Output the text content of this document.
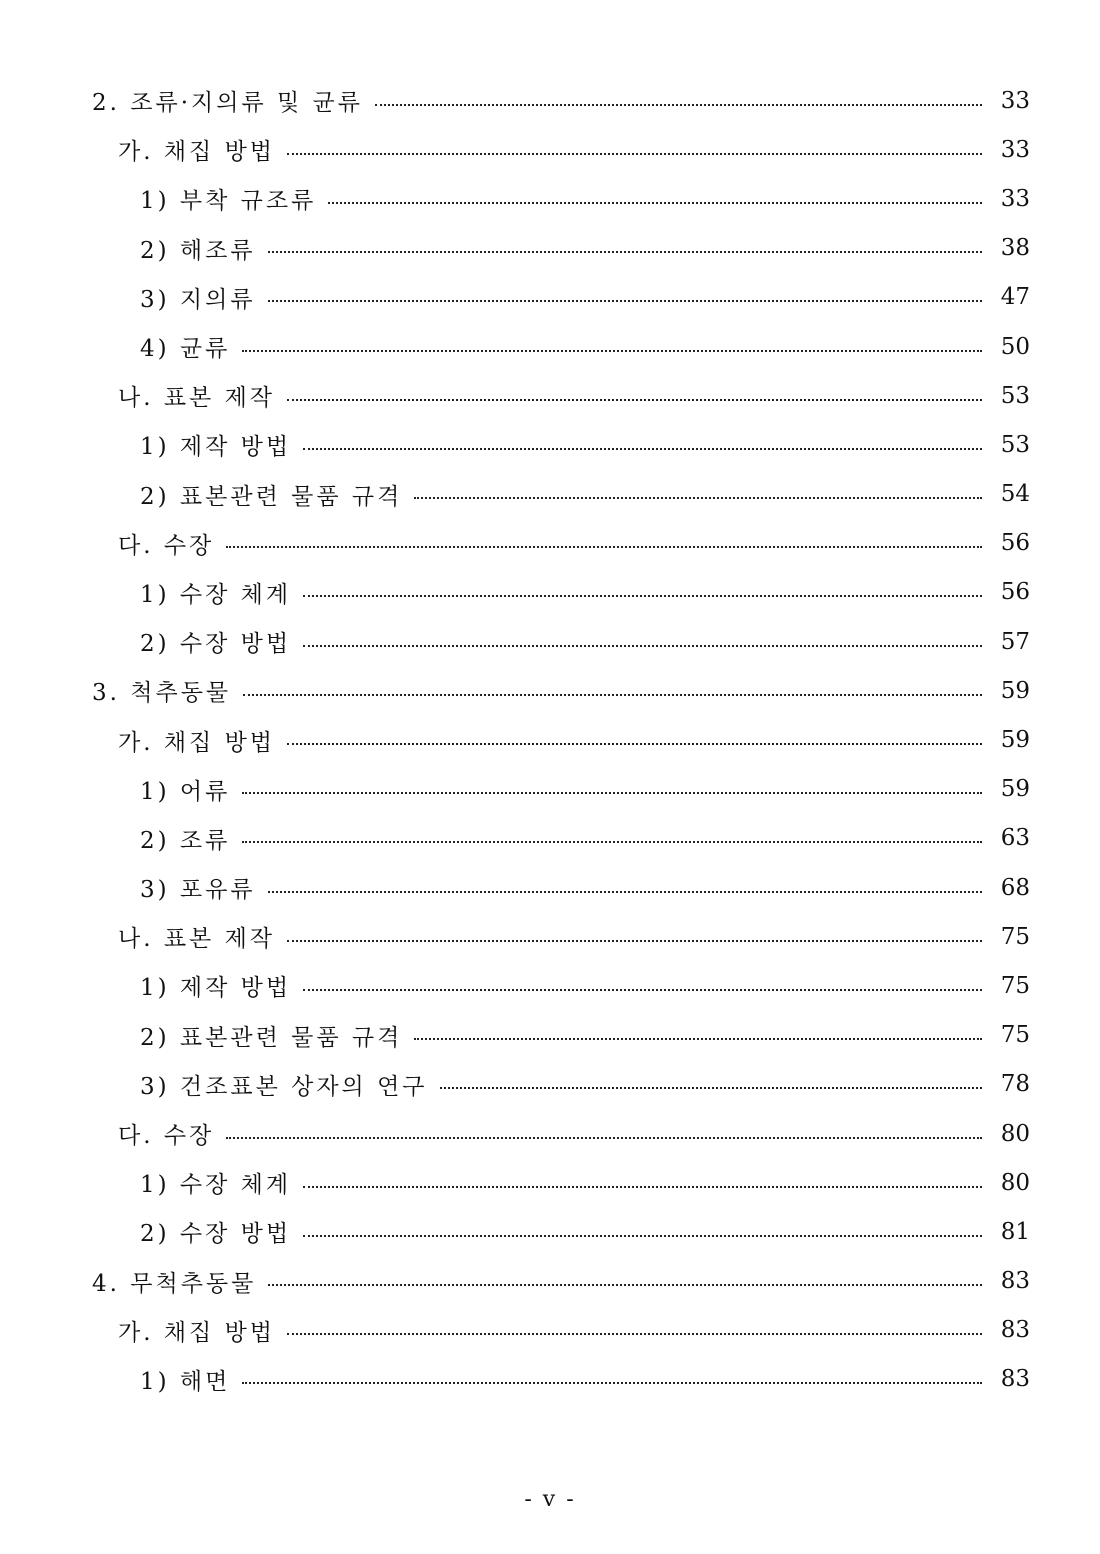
2. 조류·지의류 및 균류	33
가. 채집 방법	33
1) 부착 규조류	33
2) 해조류	38
3) 지의류	47
4) 균류	50
나. 표본 제작	53
1) 제작 방법	53
2) 표본관련 물품 규격	54
다. 수장	56
1) 수장 체계	56
2) 수장 방법	57
3. 척추동물	59
가. 채집 방법	59
1) 어류	59
2) 조류	63
3) 포유류	68
나. 표본 제작	75
1) 제작 방법	75
2) 표본관련 물품 규격	75
3) 건조표본 상자의 연구	78
다. 수장	80
1) 수장 체계	80
2) 수장 방법	81
4. 무척추동물	83
가. 채집 방법	83
1) 해면	83
- v -
